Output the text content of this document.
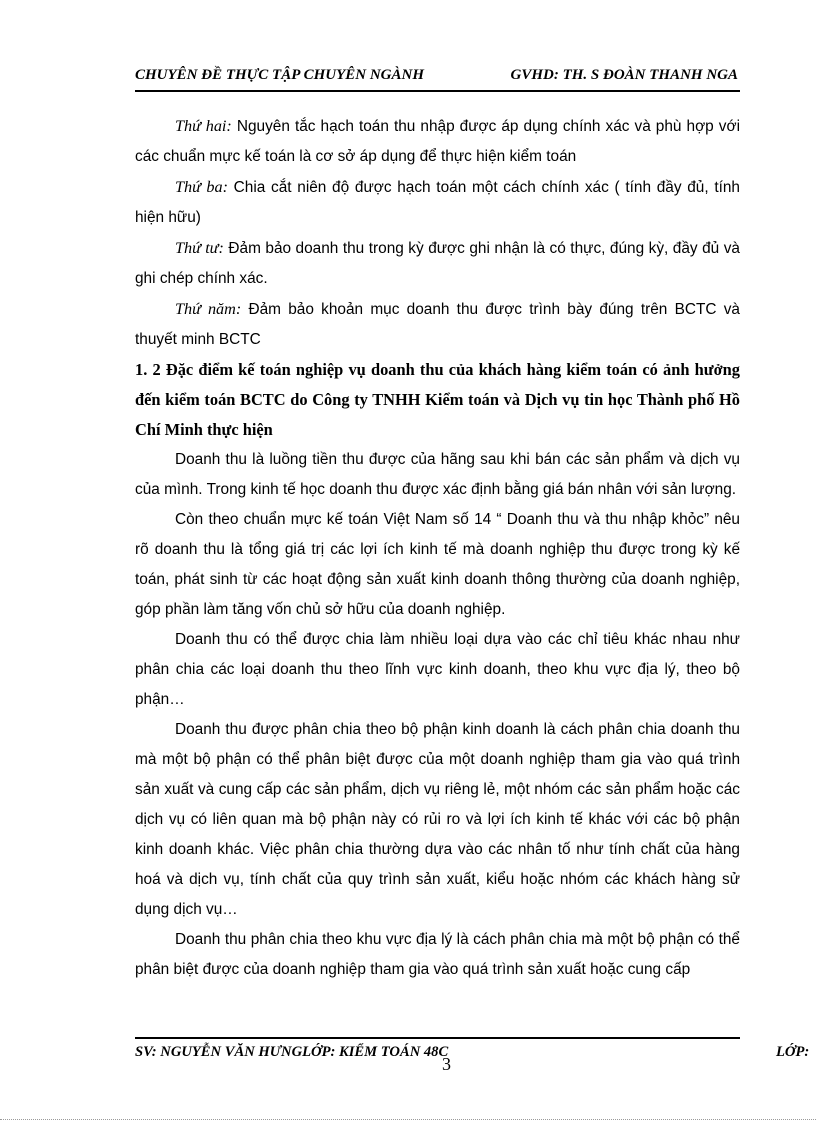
CHUYÊN ĐỀ THỰC TẬP CHUYÊN NGÀNH	GVHD: TH. S ĐOÀN THANH NGA

Thứ hai: Nguyên tắc hạch toán thu nhập được áp dụng chính xác và phù hợp với các chuẩn mực kế toán là cơ sở áp dụng để thực hiện kiểm toán

Thứ ba: Chia cắt niên độ được hạch toán một cách chính xác ( tính đầy đủ, tính hiện hữu)

Thứ tư: Đảm bảo doanh thu trong kỳ được ghi nhận là có thực, đúng kỳ, đầy đủ và ghi chép chính xác.

Thứ năm: Đảm bảo khoản mục doanh thu được trình bày đúng trên BCTC và thuyết minh BCTC

1. 2 Đặc điểm kế toán nghiệp vụ doanh thu của khách hàng kiểm toán có ảnh hưởng đến kiểm toán BCTC do Công ty TNHH Kiểm toán và Dịch vụ tin học Thành phố Hồ Chí Minh thực hiện

Doanh thu là luồng tiền thu được của hãng sau khi bán các sản phẩm và dịch vụ của mình. Trong kinh tế học doanh thu được xác định bằng giá bán nhân với sản lượng.

Còn theo chuẩn mực kế toán Việt Nam số 14 “ Doanh thu và thu nhập khỏc” nêu rõ doanh thu là tổng giá trị các lợi ích kinh tế mà doanh nghiệp thu được trong kỳ kế toán, phát sinh từ các hoạt động sản xuất kinh doanh thông thường của doanh nghiệp, góp phần làm tăng vốn chủ sở hữu của doanh nghiệp.

Doanh thu có thể được chia làm nhiều loại dựa vào các chỉ tiêu khác nhau như phân chia các loại doanh thu theo lĩnh vực kinh doanh, theo khu vực địa lý, theo bộ phận…

Doanh thu được phân chia theo bộ phận kinh doanh là cách phân chia doanh thu mà một bộ phận có thể phân biệt được của một doanh nghiệp tham gia vào quá trình sản xuất và cung cấp các sản phẩm, dịch vụ riêng lẻ, một nhóm các sản phẩm hoặc các dịch vụ có liên quan mà bộ phận này có rủi ro và lợi ích kinh tế khác với các bộ phận kinh doanh khác. Việc phân chia thường dựa vào các nhân tố như tính chất của hàng hoá và dịch vụ, tính chất của quy trình sản xuất, kiểu hoặc nhóm các khách hàng sử dụng dịch vụ…

Doanh thu phân chia theo khu vực địa lý là cách phân chia mà một bộ phận có thể phân biệt được của doanh nghiệp tham gia vào quá trình sản xuất hoặc cung cấp

SV: NGUYỄN VĂN HƯNGLỚP: KIỂM TOÁN 48C	LỚP:
3
